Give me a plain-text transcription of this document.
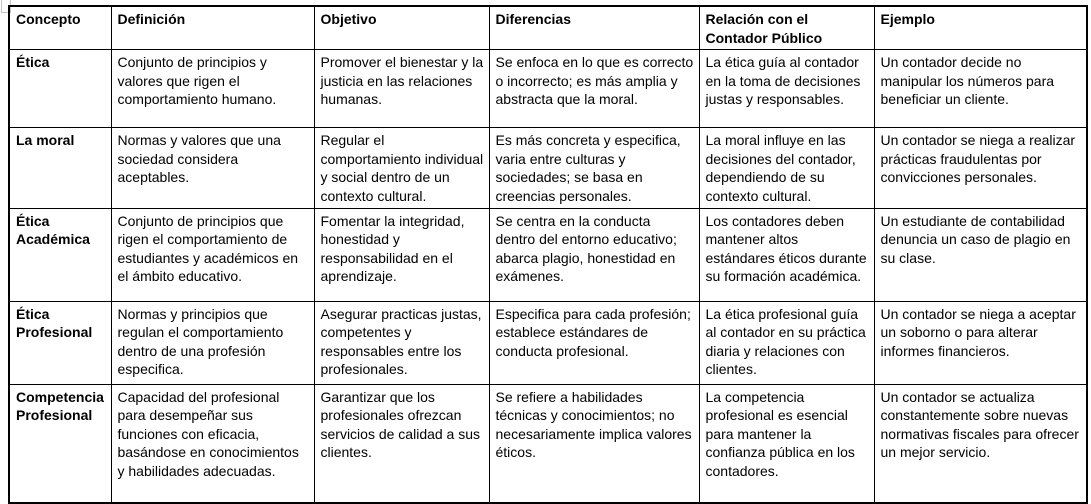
Concepto	Definición	Objetivo	Diferencias	Relación con el Contador Público	Ejemplo
Ética	Conjunto de principios y valores que rigen el comportamiento humano.	Promover el bienestar y la justicia en las relaciones humanas.	Se enfoca en lo que es correcto o incorrecto; es más amplia y abstracta que la moral.	La ética guía al contador en la toma de decisiones justas y responsables.	Un contador decide no manipular los números para beneficiar un cliente.
La moral	Normas y valores que una sociedad considera aceptables.	Regular el comportamiento individual y social dentro de un contexto cultural.	Es más concreta y especifica, varia entre culturas y sociedades; se basa en creencias personales.	La moral influye en las decisiones del contador, dependiendo de su contexto cultural.	Un contador se niega a realizar prácticas fraudulentas por convicciones personales.
Ética Académica	Conjunto de principios que rigen el comportamiento de estudiantes y académicos en el ámbito educativo.	Fomentar la integridad, honestidad y responsabilidad en el aprendizaje.	Se centra en la conducta dentro del entorno educativo; abarca plagio, honestidad en exámenes.	Los contadores deben mantener altos estándares éticos durante su formación académica.	Un estudiante de contabilidad denuncia un caso de plagio en su clase.
Ética Profesional	Normas y principios que regulan el comportamiento dentro de una profesión especifica.	Asegurar practicas justas, competentes y responsables entre los profesionales.	Especifica para cada profesión; establece estándares de conducta profesional.	La ética profesional guía al contador en su práctica diaria y relaciones con clientes.	Un contador se niega a aceptar un soborno o para alterar informes financieros.
Competencia Profesional	Capacidad del profesional para desempeñar sus funciones con eficacia, basándose en conocimientos y habilidades adecuadas.	Garantizar que los profesionales ofrezcan servicios de calidad a sus clientes.	Se refiere a habilidades técnicas y conocimientos; no necesariamente implica valores éticos.	La competencia profesional es esencial para mantener la confianza pública en los contadores.	Un contador se actualiza constantemente sobre nuevas normativas fiscales para ofrecer un mejor servicio.
